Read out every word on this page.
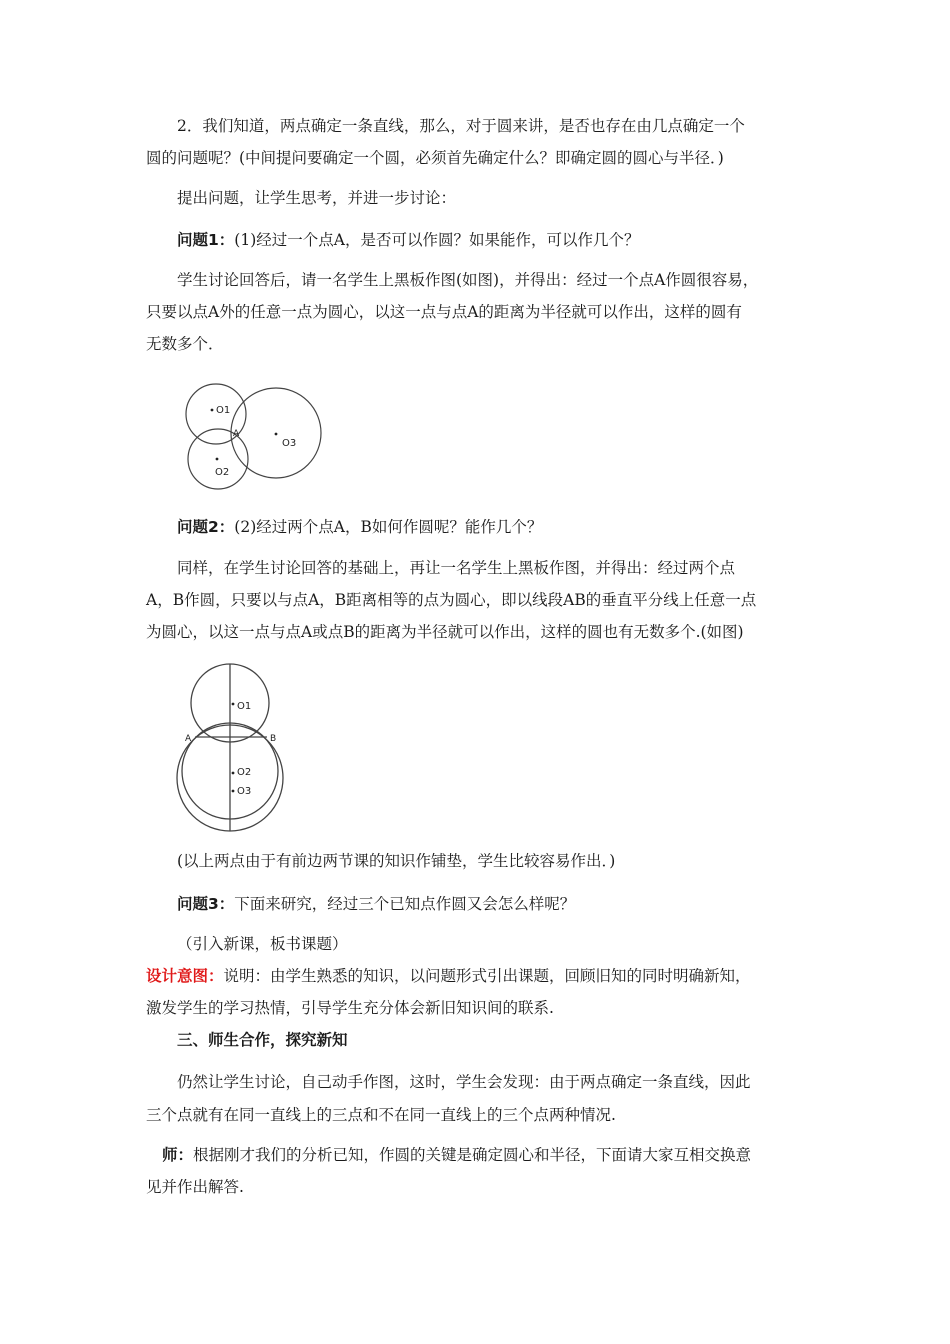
2．我们知道，两点确定一条直线，那么，对于圆来讲，是否也存在由几点确定一个
圆的问题呢？(中间提问要确定一个圆，必须首先确定什么？即确定圆的圆心与半径．)
提出问题，让学生思考，并进一步讨论：
问题1：(1)经过一个点A，是否可以作圆？如果能作，可以作几个？
学生讨论回答后，请一名学生上黑板作图(如图)，并得出：经过一个点A作圆很容易，
只要以点A外的任意一点为圆心，以这一点与点A的距离为半径就可以作出，这样的圆有
无数多个．
O1
O2
O3
A
问题2：(2)经过两个点A，B如何作圆呢？能作几个？
同样，在学生讨论回答的基础上，再让一名学生上黑板作图，并得出：经过两个点
A，B作圆，只要以与点A，B距离相等的点为圆心，即以线段AB的垂直平分线上任意一点
为圆心，以这一点与点A或点B的距离为半径就可以作出，这样的圆也有无数多个.(如图)
O1
O2
O3
A	B
(以上两点由于有前边两节课的知识作铺垫，学生比较容易作出．)
问题3：下面来研究，经过三个已知点作圆又会怎么样呢？
（引入新课，板书课题）
设计意图：说明：由学生熟悉的知识，以问题形式引出课题，回顾旧知的同时明确新知，
激发学生的学习热情，引导学生充分体会新旧知识间的联系.
三、师生合作，探究新知
仍然让学生讨论，自己动手作图，这时，学生会发现：由于两点确定一条直线，因此
三个点就有在同一直线上的三点和不在同一直线上的三个点两种情况.
师：根据刚才我们的分析已知，作圆的关键是确定圆心和半径，下面请大家互相交换意
见并作出解答.
